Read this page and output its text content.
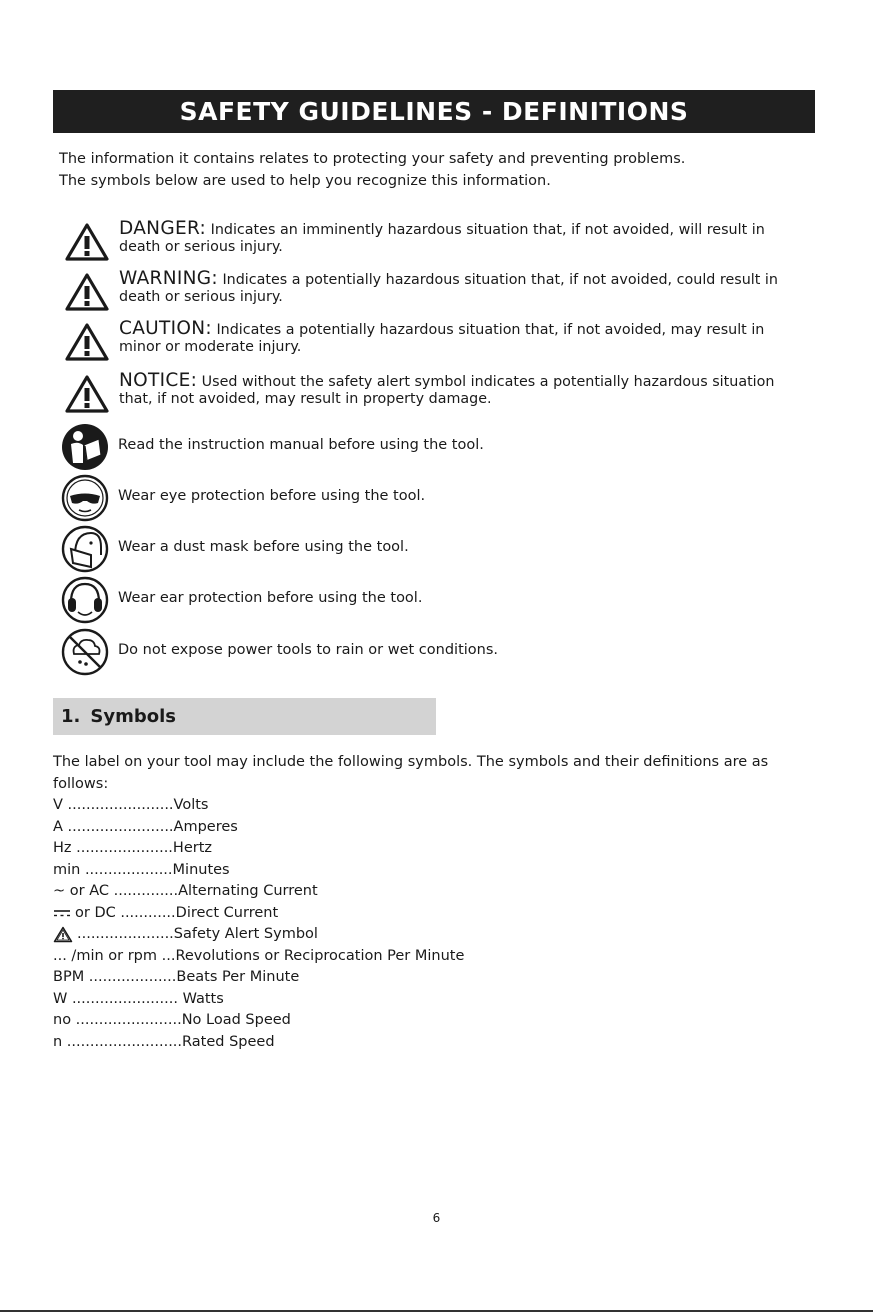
SAFETY GUIDELINES - DEFINITIONS
The information it contains relates to protecting your safety and preventing problems.
The symbols below are used to help you recognize this information.
DANGER: Indicates an imminently hazardous situation that, if not avoided, will result in death or serious injury.
WARNING: Indicates a potentially hazardous situation that, if not avoided, could result in death or serious injury.
CAUTION: Indicates a potentially hazardous situation that, if not avoided, may result in minor or moderate injury.
NOTICE: Used without the safety alert symbol indicates a potentially hazardous situation that, if not avoided, may result in property damage.
Read the instruction manual before using the tool.
Wear eye protection before using the tool.
Wear a dust mask before using the tool.
Wear ear protection before using the tool.
Do not expose power tools to rain or wet conditions.
1. Symbols
The label on your tool may include the following symbols. The symbols and their definitions are as follows:
V ....................... Volts
A ....................... Amperes
Hz ..................... Hertz
min ................... Minutes
~ or AC .............. Alternating Current
or DC ............ Direct Current
..................... Safety Alert Symbol
... /min or rpm ... Revolutions or Reciprocation Per Minute
BPM ................... Beats Per Minute
W ....................... Watts
no ....................... No Load Speed
n ......................... Rated Speed
6
